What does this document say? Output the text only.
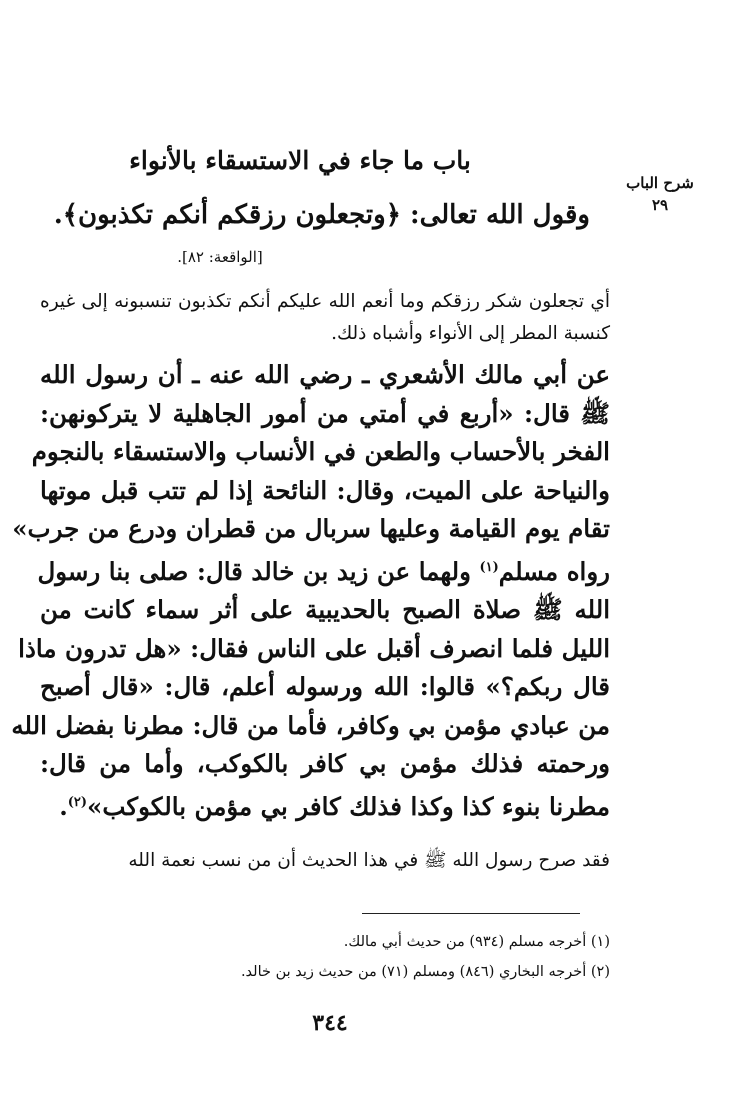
باب ما جاء في الاستسقاء بالأنواء
شرح الباب
٢٩
وقول الله تعالى: ﴿وتجعلون رزقكم أنكم تكذبون﴾.
[الواقعة: ٨٢].
أي تجعلون شكر رزقكم وما أنعم الله عليكم أنكم تكذبون تنسبونه إلى غيره كنسبة المطر إلى الأنواء وأشباه ذلك.
عن أبي مالك الأشعري ـ رضي الله عنه ـ أن رسول الله
ﷺ قال: «أربع في أمتي من أمور الجاهلية لا يتركونهن:
الفخر بالأحساب والطعن في الأنساب والاستسقاء بالنجوم
والنياحة على الميت، وقال: النائحة إذا لم تتب قبل موتها
تقام يوم القيامة وعليها سربال من قطران ودرع من جرب»
رواه مسلم$^{(١)}$ ولهما عن زيد بن خالد قال: صلى بنا رسول
الله ﷺ صلاة الصبح بالحديبية على أثر سماء كانت من
الليل فلما انصرف أقبل على الناس فقال: «هل تدرون ماذا
قال ربكم؟» قالوا: الله ورسوله أعلم، قال: «قال أصبح
من عبادي مؤمن بي وكافر، فأما من قال: مطرنا بفضل الله
ورحمته فذلك مؤمن بي كافر بالكوكب، وأما من قال:
مطرنا بنوء كذا وكذا فذلك كافر بي مؤمن بالكوكب»$^{(٢)}$.
فقد صرح رسول الله ﷺ في هذا الحديث أن من نسب نعمة الله
(١) أخرجه مسلم (٩٣٤) من حديث أبي مالك.
(٢) أخرجه البخاري (٨٤٦) ومسلم (٧١) من حديث زيد بن خالد.
٣٤٤
